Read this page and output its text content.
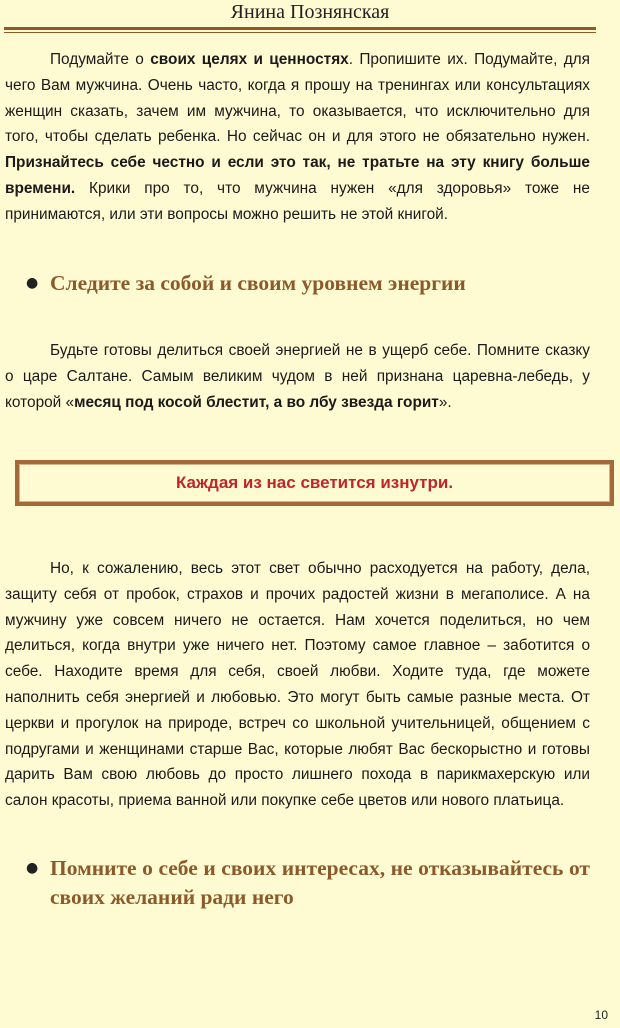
Янина Познянская
Подумайте о своих целях и ценностях. Пропишите их. Подумайте, для чего Вам мужчина. Очень часто, когда я прошу на тренингах или консультациях женщин сказать, зачем им мужчина, то оказывается, что исключительно для того, чтобы сделать ребенка. Но сейчас он и для этого не обязательно нужен. Признайтесь себе честно и если это так, не тратьте на эту книгу больше времени. Крики про то, что мужчина нужен «для здоровья» тоже не принимаются, или эти вопросы можно решить не этой книгой.
● Следите за собой и своим уровнем энергии
Будьте готовы делиться своей энергией не в ущерб себе. Помните сказку о царе Салтане. Самым великим чудом в ней признана царевна-лебедь, у которой «месяц под косой блестит, а во лбу звезда горит».
Каждая из нас светится изнутри.
Но, к сожалению, весь этот свет обычно расходуется на работу, дела, защиту себя от пробок, страхов и прочих радостей жизни в мегаполисе. А на мужчину уже совсем ничего не остается. Нам хочется поделиться, но чем делиться, когда внутри уже ничего нет. Поэтому самое главное – заботится о себе. Находите время для себя, своей любви. Ходите туда, где можете наполнить себя энергией и любовью. Это могут быть самые разные места. От церкви и прогулок на природе, встреч со школьной учительницей, общением с подругами и женщинами старше Вас, которые любят Вас бескорыстно и готовы дарить Вам свою любовь до просто лишнего похода в парикмахерскую или салон красоты, приема ванной или покупке себе цветов или нового платьица.
● Помните о себе и своих интересах, не отказывайтесь от своих желаний ради него
10
